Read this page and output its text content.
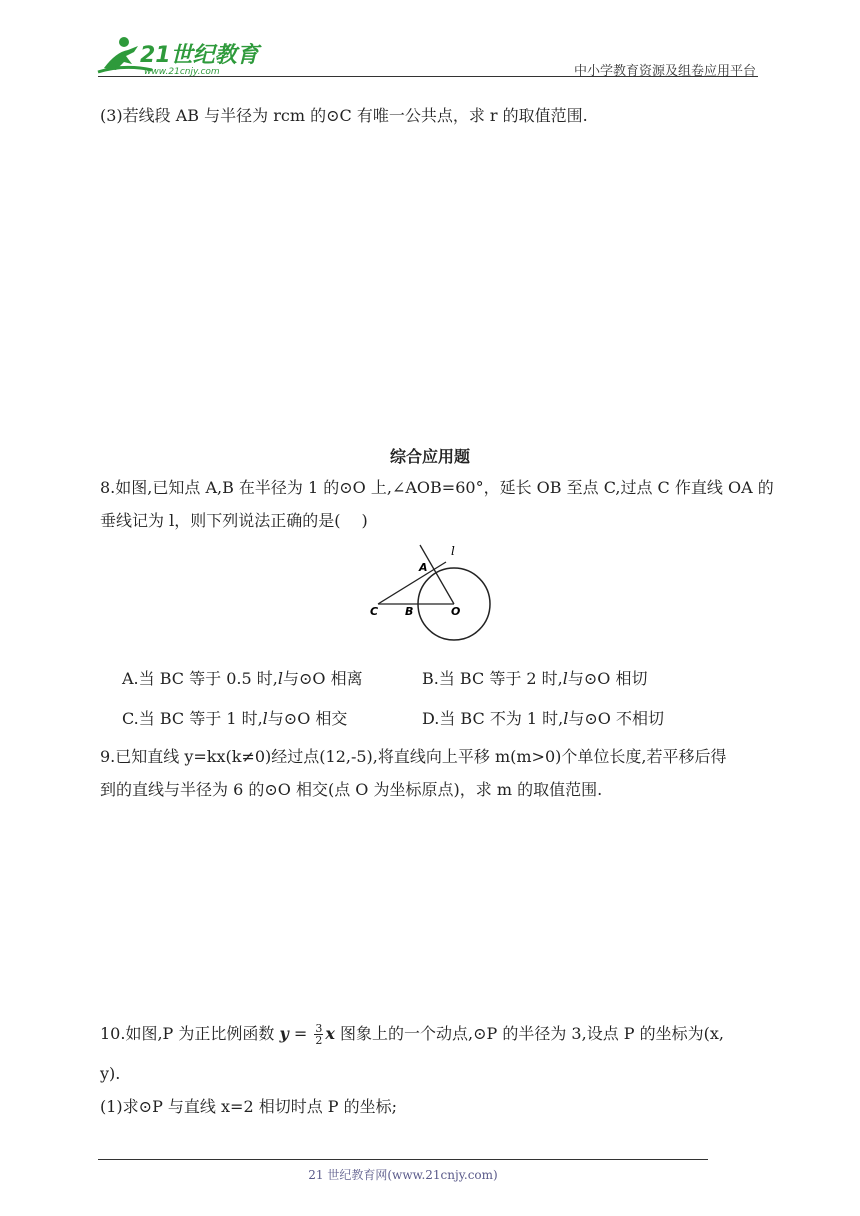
21世纪教育
www.21cnjy.com	中小学教育资源及组卷应用平台
(3)若线段 AB 与半径为 rcm 的⊙C 有唯一公共点，求 r 的取值范围.
综合应用题
8.如图,已知点 A,B 在半径为 1 的⊙O 上,∠AOB=60°，延长 OB 至点 C,过点 C 作直线 OA 的
垂线记为 l，则下列说法正确的是(　 )
l
A
C B	O
A.当 BC 等于 0.5 时,l与⊙O 相离	B.当 BC 等于 2 时,l与⊙O 相切
C.当 BC 等于 1 时,l与⊙O 相交	D.当 BC 不为 1 时,l与⊙O 不相切
9.已知直线 y=kx(k≠0)经过点(12,-5),将直线向上平移 m(m>0)个单位长度,若平移后得
到的直线与半径为 6 的⊙O 相交(点 O 为坐标原点)，求 m 的取值范围.
10.如图,P 为正比例函数 $y = \frac{3}{2}$ x 图象上的一个动点,⊙P 的半径为 3,设点 P 的坐标为(x,
y).
(1)求⊙P 与直线 x=2 相切时点 P 的坐标;
21 世纪教育网(www.21cnjy.com)
